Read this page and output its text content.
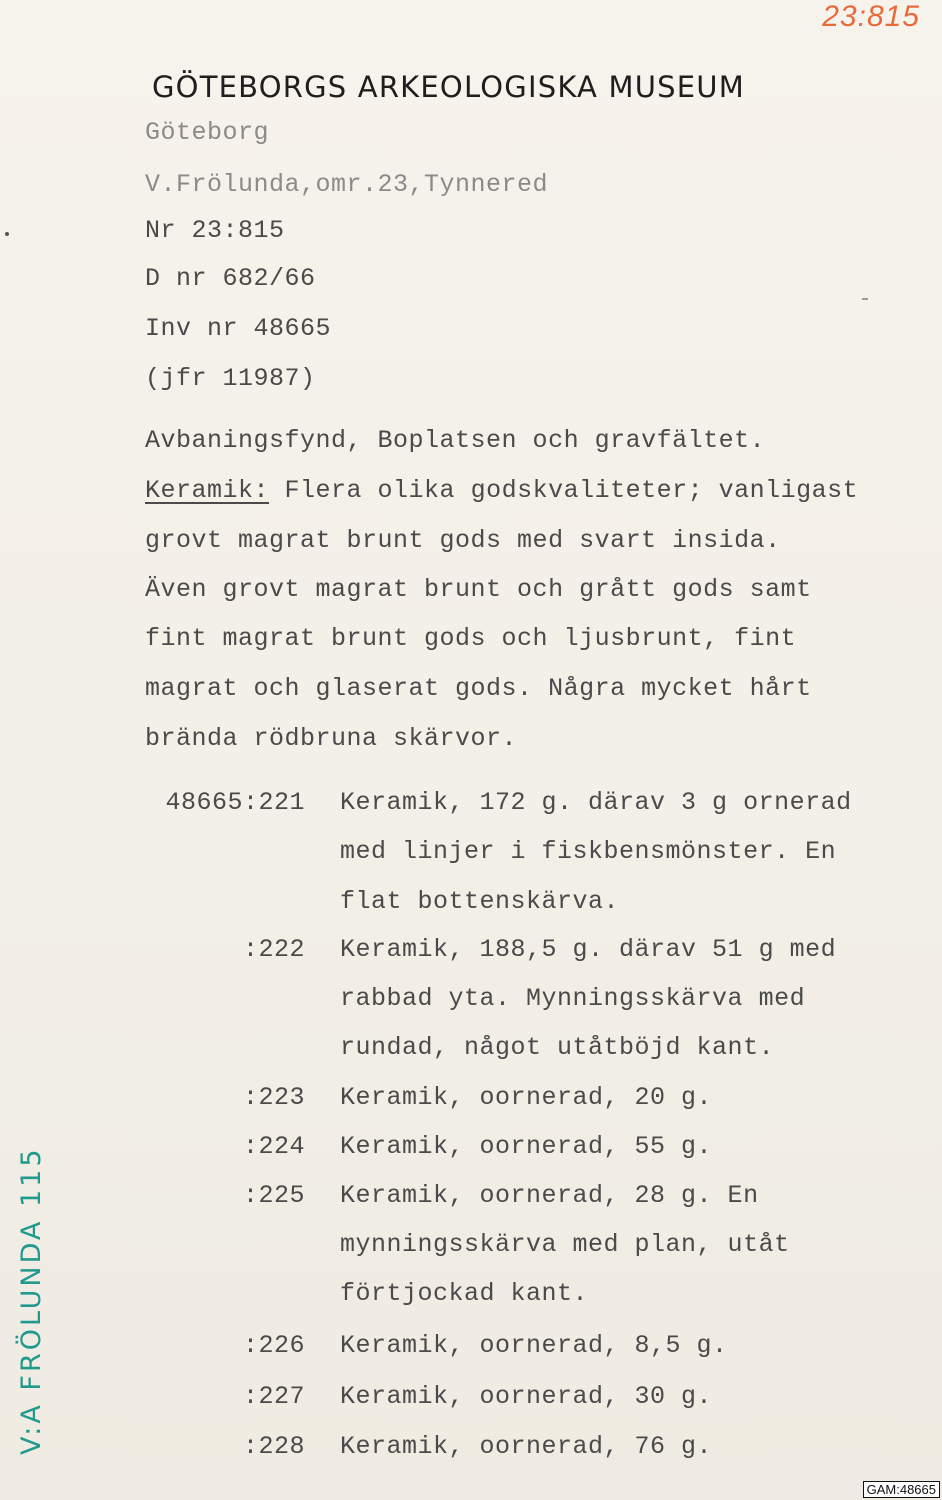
23:815
GÖTEBORGS ARKEOLOGISKA MUSEUM
Göteborg
V.Frölunda,omr.23,Tynnered
Nr 23:815
D nr 682/66
Inv nr 48665
(jfr 11987)
Avbaningsfynd, Boplatsen och gravfältet.
Keramik: Flera olika godskvaliteter; vanligast
grovt magrat brunt gods med svart insida.
Även grovt magrat brunt och grått gods samt
fint magrat brunt gods och ljusbrunt, fint
magrat och glaserat gods. Några mycket hårt
brända rödbruna skärvor.
48665:221 Keramik, 172 g. därav 3 g ornerad
med linjer i fiskbensmönster. En
flat bottenskärva.
:222 Keramik, 188,5 g. därav 51 g med
rabbad yta. Mynningsskärva med
rundad, något utåtböjd kant.
:223 Keramik, oornerad, 20 g.
:224 Keramik, oornerad, 55 g.
:225 Keramik, oornerad, 28 g. En
mynningsskärva med plan, utåt
förtjockad kant.
:226 Keramik, oornerad, 8,5 g.
:227 Keramik, oornerad, 30 g.
:228 Keramik, oornerad, 76 g.
V:A FRÖLUNDA 115
GAM:48665
